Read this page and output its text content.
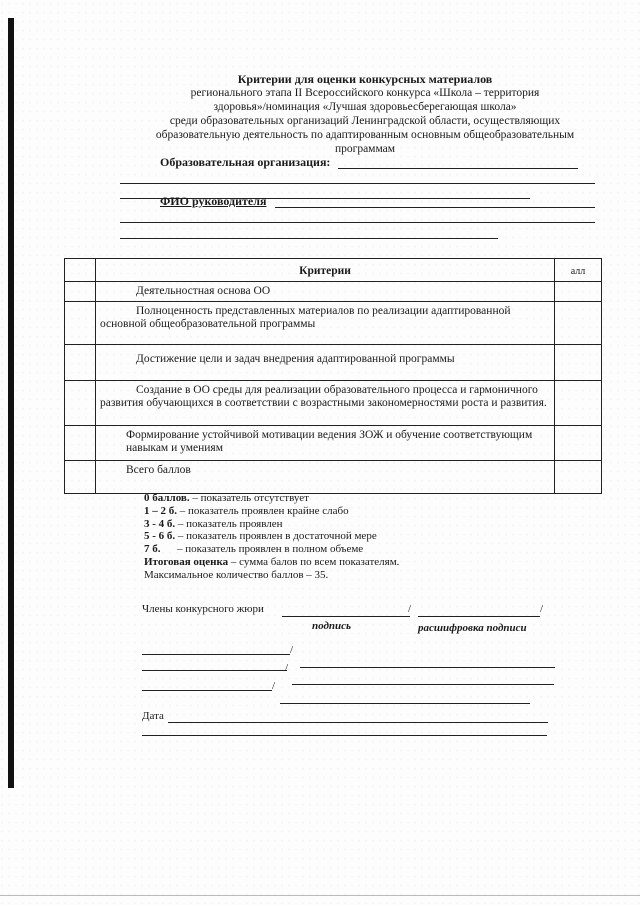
Критерии для оценки конкурсных материалов
регионального этапа II Всероссийского конкурса «Школа – территория
здоровья»/номинация «Лучшая здоровьесберегающая школа»
среди образовательных организаций Ленинградской области, осуществляющих
образовательную деятельность по адаптированным основным общеобразовательным
программам
Образовательная организация:
ФИО руководителя
	Критерии	алл
	Деятельностная основа ОО	
	Полноценность представленных материалов по реализации адаптированной основной общеобразовательной программы	
	Достижение цели и задач внедрения адаптированной программы	
	Создание в ОО среды для реализации образовательного процесса и гармоничного развития обучающихся в соответствии с возрастными закономерностями роста и развития.	
	Формирование устойчивой мотивации ведения ЗОЖ и обучение соответствующим навыкам и умениям	
	Всего баллов	
0 баллов. – показатель отсутствует
1 – 2 б. – показатель проявлен крайне слабо
3 - 4 б. – показатель проявлен
5 - 6 б. – показатель проявлен в достаточной мере
7 б.      – показатель проявлен в полном объеме
Итоговая оценка – сумма балов по всем показателям.
Максимальное количество баллов – 35.
Члены конкурсного жюри	/	/
подпись	расшифровка подписи
/
/
/
Дата
